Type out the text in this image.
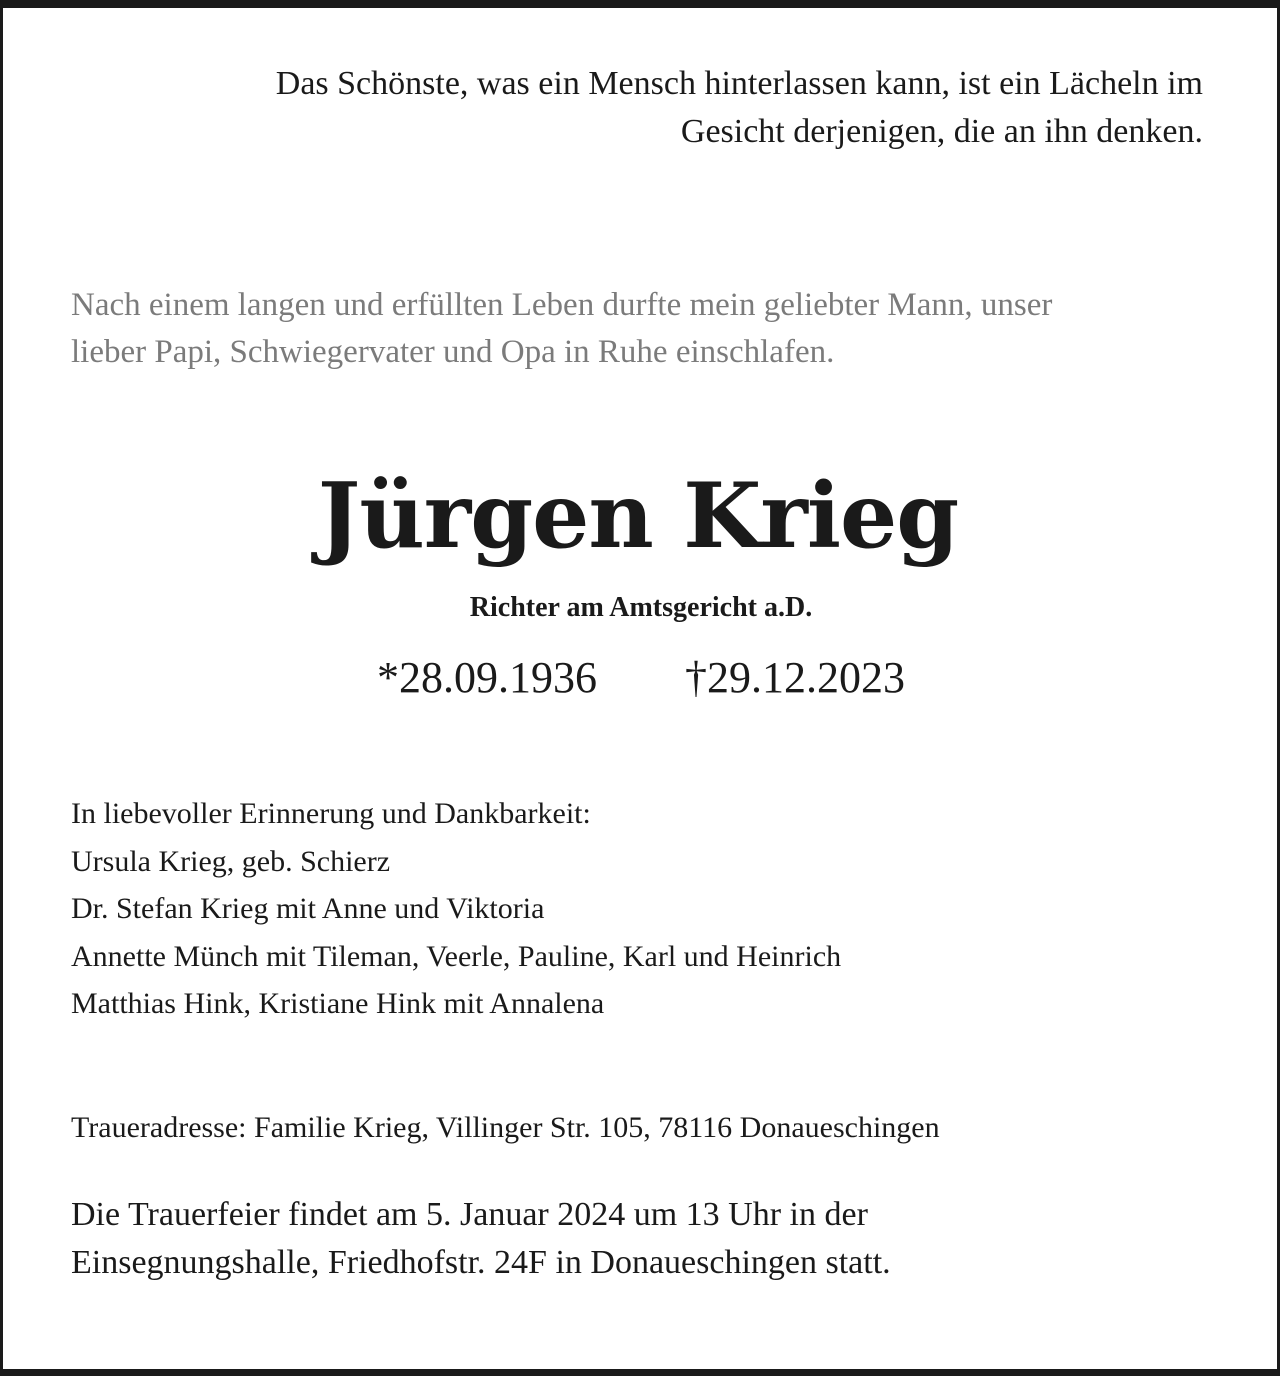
Das Schönste, was ein Mensch hinterlassen kann, ist ein Lächeln im
Gesicht derjenigen, die an ihn denken.
Nach einem langen und erfüllten Leben durfte mein geliebter Mann, unser
lieber Papi, Schwiegervater und Opa in Ruhe einschlafen.
Jürgen Krieg
Richter am Amtsgericht a.D.
*28.09.1936 †29.12.2023
In liebevoller Erinnerung und Dankbarkeit:
Ursula Krieg, geb. Schierz
Dr. Stefan Krieg mit Anne und Viktoria
Annette Münch mit Tileman, Veerle, Pauline, Karl und Heinrich
Matthias Hink, Kristiane Hink mit Annalena
Traueradresse: Familie Krieg, Villinger Str. 105, 78116 Donaueschingen
Die Trauerfeier findet am 5. Januar 2024 um 13 Uhr in der
Einsegnungshalle, Friedhofstr. 24F in Donaueschingen statt.
